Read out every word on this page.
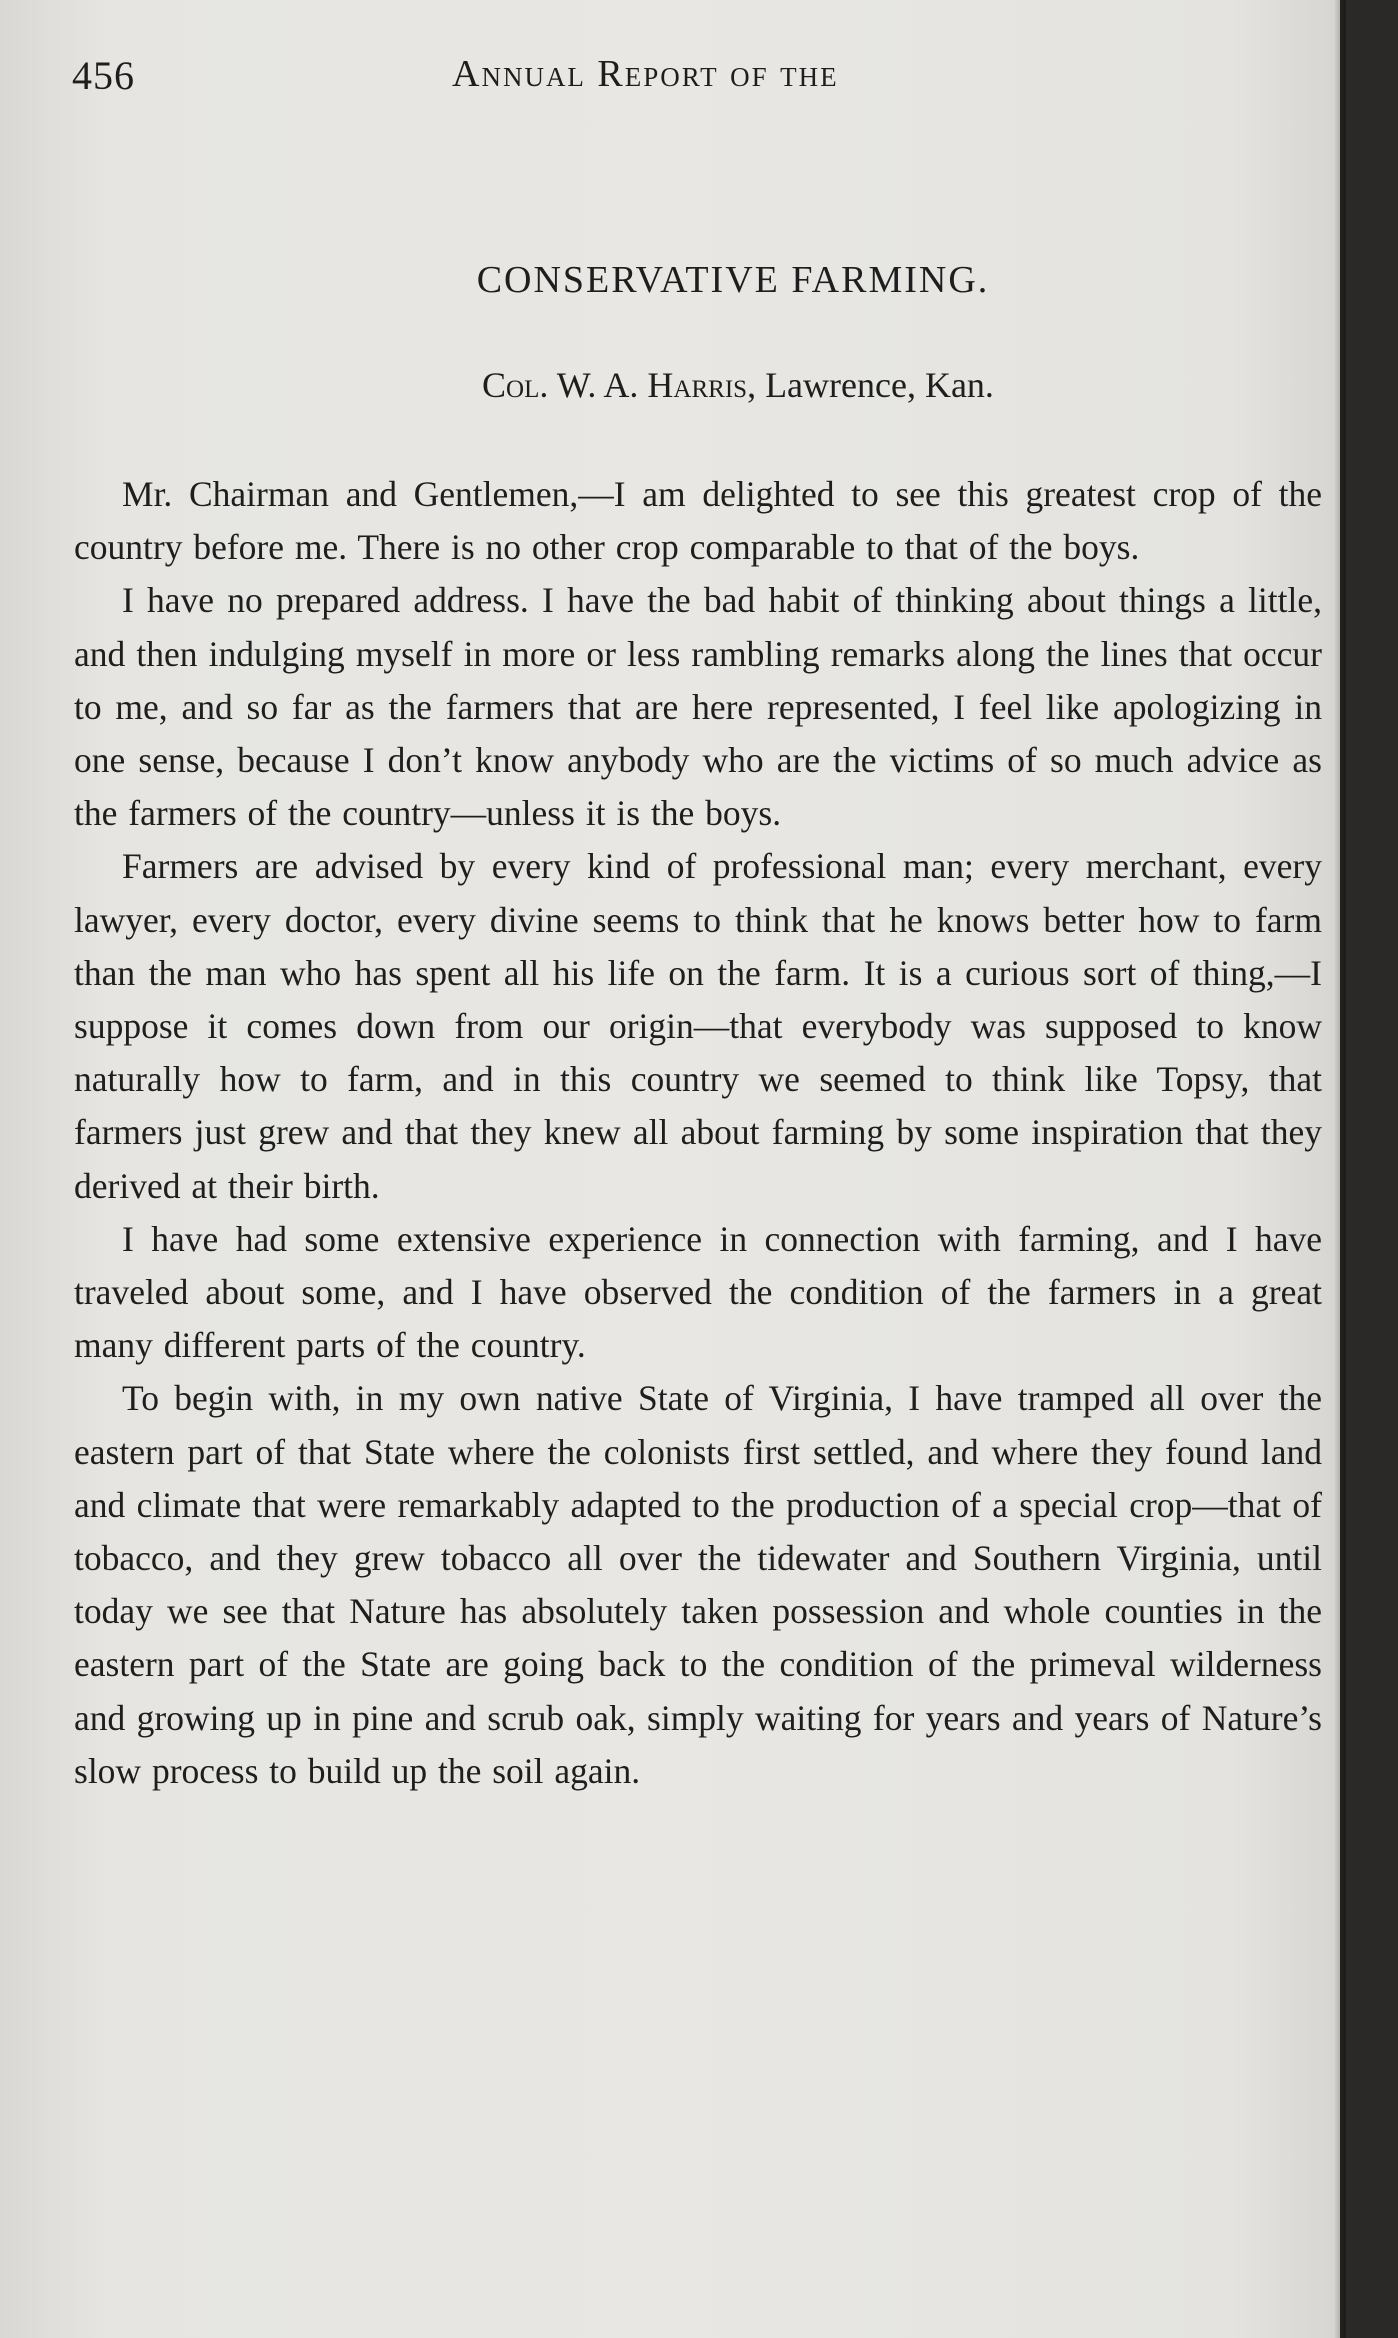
456	Annual Report of the
CONSERVATIVE FARMING.

Col. W. A. Harris, Lawrence, Kan.

Mr. Chairman and Gentlemen,—I am delighted to see this greatest crop of the country before me. There is no other crop comparable to that of the boys.

I have no prepared address. I have the bad habit of thinking about things a little, and then indulging myself in more or less rambling remarks along the lines that occur to me, and so far as the farmers that are here represented, I feel like apologizing in one sense, because I don’t know anybody who are the victims of so much advice as the farmers of the country—unless it is the boys.

Farmers are advised by every kind of professional man; every merchant, every lawyer, every doctor, every divine seems to think that he knows better how to farm than the man who has spent all his life on the farm. It is a curious sort of thing,—I suppose it comes down from our origin—that everybody was supposed to know naturally how to farm, and in this country we seemed to think like Topsy, that farmers just grew and that they knew all about farming by some inspiration that they derived at their birth.

I have had some extensive experience in connection with farming, and I have traveled about some, and I have observed the condition of the farmers in a great many different parts of the country.

To begin with, in my own native State of Virginia, I have tramped all over the eastern part of that State where the colonists first settled, and where they found land and climate that were remarkably adapted to the production of a special crop—that of tobacco, and they grew tobacco all over the tidewater and Southern Virginia, until today we see that Nature has absolutely taken possession and whole counties in the eastern part of the State are going back to the condition of the primeval wilderness and growing up in pine and scrub oak, simply waiting for years and years of Nature’s slow process to build up the soil again.
